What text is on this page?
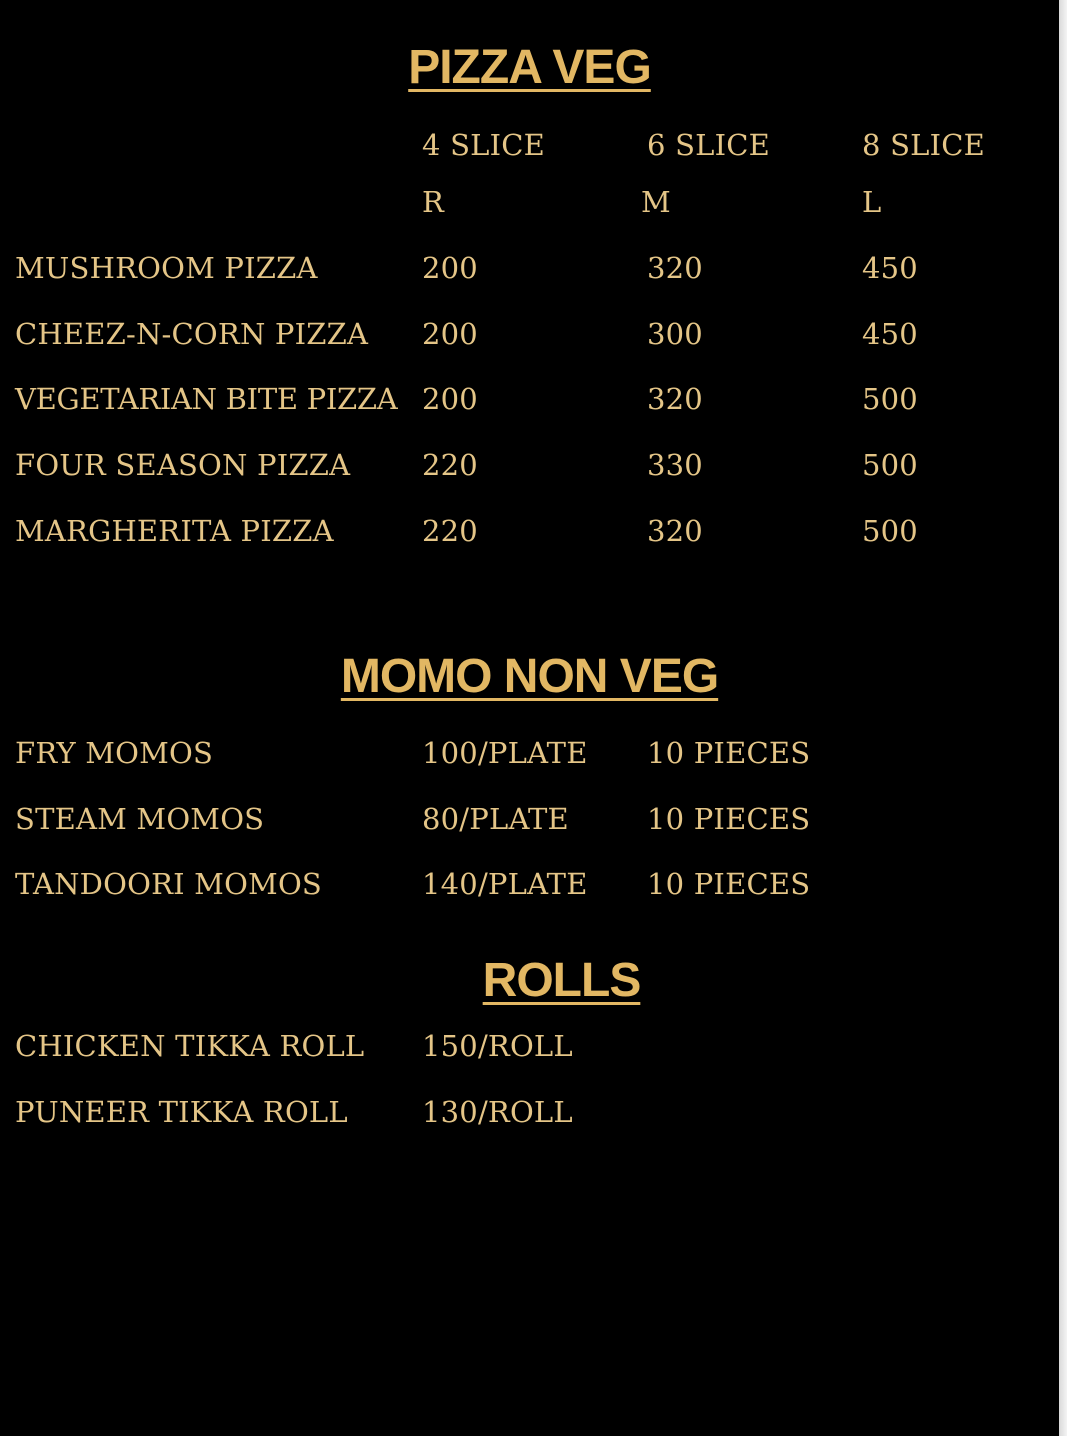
PIZZA VEG

4 SLICE	6 SLICE	8 SLICE

R	M	L

MUSHROOM PIZZA	200	320	450

CHEEZ-N-CORN PIZZA 200	300	450

VEGETARIAN BITE PIZZA 200	320	500

FOUR SEASON PIZZA 220	330	500

MARGHERITA PIZZA	220	320	500

MOMO NON VEG

FRY MOMOS	100/PLATE 10 PIECES

STEAM MOMOS	80/PLATE	10 PIECES

TANDOORI MOMOS	140/PLATE 10 PIECES

ROLLS

CHICKEN TIKKA ROLL 150/ROLL

PUNEER TIKKA ROLL	130/ROLL
